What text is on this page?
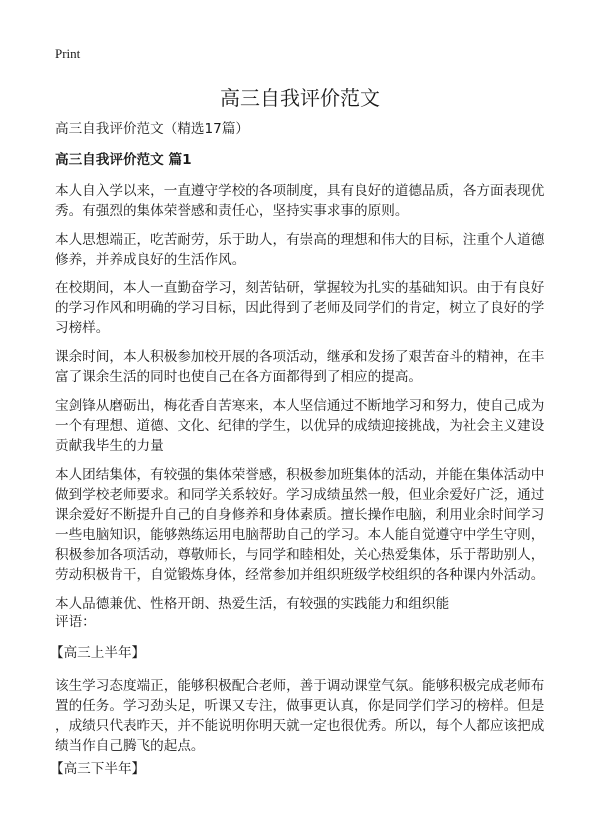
Print
高三自我评价范文
高三自我评价范文（精选17篇）
高三自我评价范文 篇1
本人自入学以来，一直遵守学校的各项制度，具有良好的道德品质，各方面表现优
秀。有强烈的集体荣誉感和责任心，坚持实事求事的原则。
本人思想端正，吃苦耐劳，乐于助人，有崇高的理想和伟大的目标，注重个人道德
修养，并养成良好的生活作风。
在校期间，本人一直勤奋学习，刻苦钻研，掌握较为扎实的基础知识。由于有良好
的学习作风和明确的学习目标，因此得到了老师及同学们的肯定，树立了良好的学
习榜样。
课余时间，本人积极参加校开展的各项活动，继承和发扬了艰苦奋斗的精神，在丰
富了课余生活的同时也使自己在各方面都得到了相应的提高。
宝剑锋从磨砺出，梅花香自苦寒来，本人坚信通过不断地学习和努力，使自己成为
一个有理想、道德、文化、纪律的学生，以优异的成绩迎接挑战，为社会主义建设
贡献我毕生的力量
本人团结集体，有较强的集体荣誉感，积极参加班集体的活动，并能在集体活动中
做到学校老师要求。和同学关系较好。学习成绩虽然一般，但业余爱好广泛，通过
课余爱好不断提升自己的自身修养和身体素质。擅长操作电脑，利用业余时间学习
一些电脑知识，能够熟练运用电脑帮助自己的学习。本人能自觉遵守中学生守则，
积极参加各项活动，尊敬师长，与同学和睦相处，关心热爱集体，乐于帮助别人，
劳动积极肯干，自觉锻炼身体，经常参加并组织班级学校组织的各种课内外活动。
本人品德兼优、性格开朗、热爱生活，有较强的实践能力和组织能
评语：
【高三上半年】
该生学习态度端正，能够积极配合老师，善于调动课堂气氛。能够积极完成老师布
置的任务。学习劲头足，听课又专注，做事更认真，你是同学们学习的榜样。但是
，成绩只代表昨天，并不能说明你明天就一定也很优秀。所以，每个人都应该把成
绩当作自己腾飞的起点。
【高三下半年】
